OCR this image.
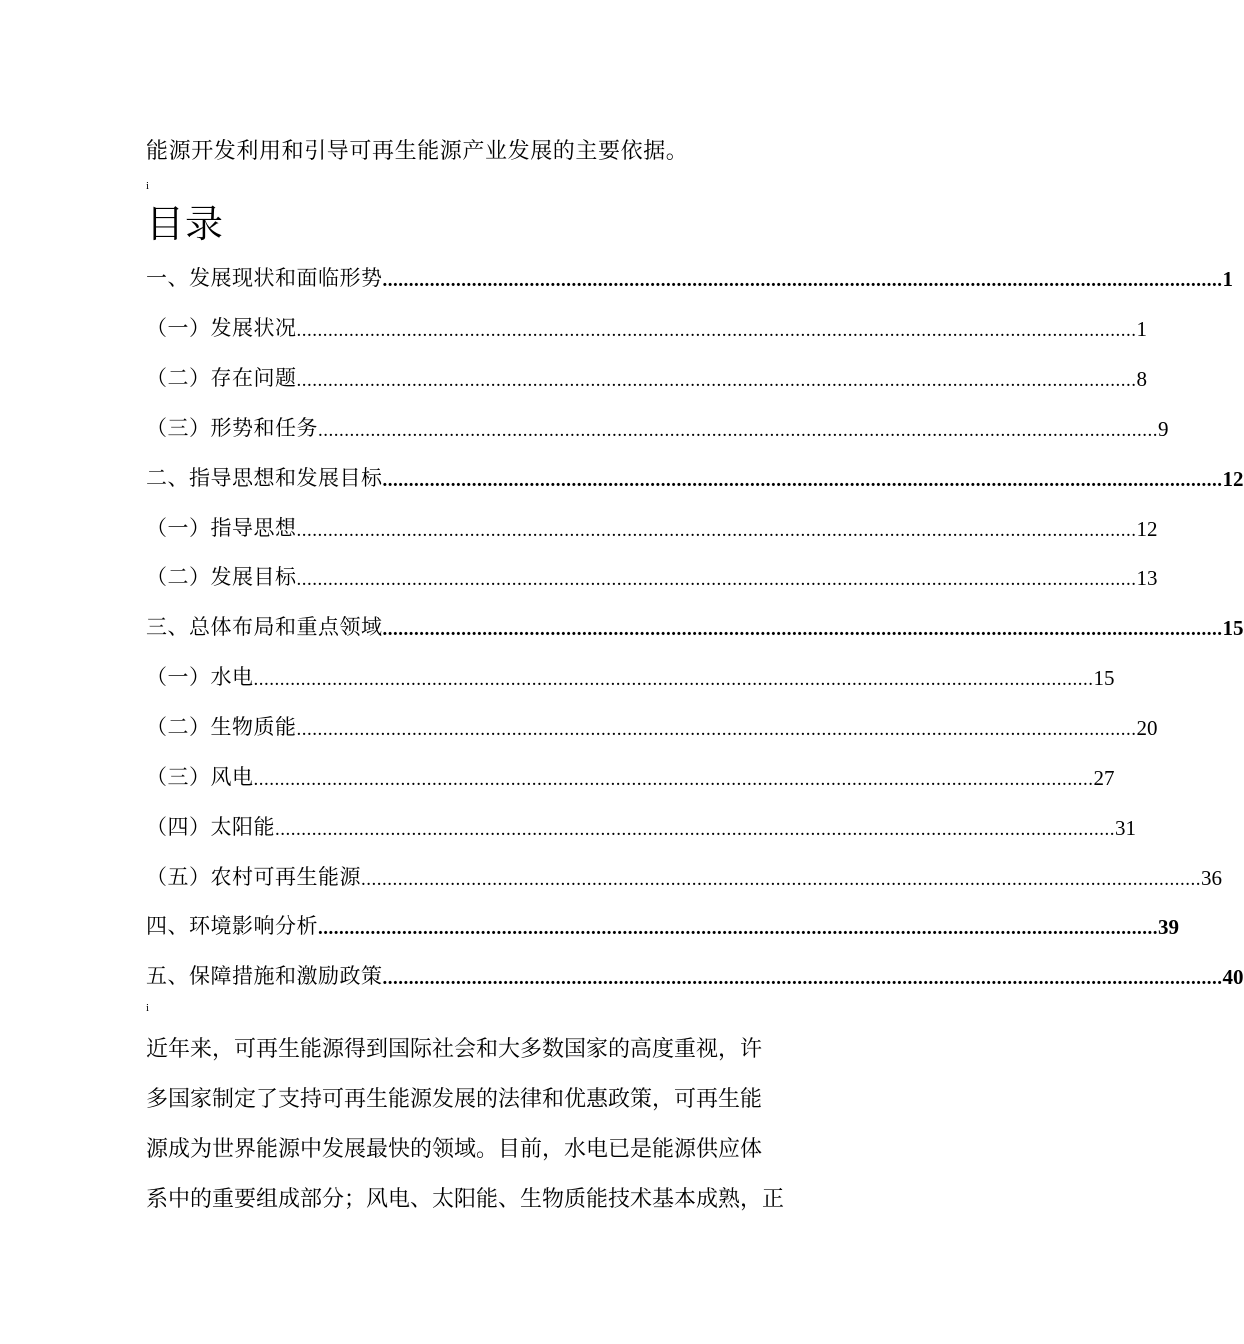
能源开发利用和引导可再生能源产业发展的主要依据。
i
目录
一、发展现状和面临形势 ................................................................................................................................................................ 1
（一）发展状况 ................................................................................................................................................................ 1
（二）存在问题 ................................................................................................................................................................ 8
（三）形势和任务 ................................................................................................................................................................ 9
二、指导思想和发展目标 ................................................................................................................................................................ 12
（一）指导思想 ................................................................................................................................................................ 12
（二）发展目标 ................................................................................................................................................................ 13
三、总体布局和重点领域 ................................................................................................................................................................ 15
（一）水电 ................................................................................................................................................................ 15
（二）生物质能 ................................................................................................................................................................ 20
（三）风电 ................................................................................................................................................................ 27
（四）太阳能 ................................................................................................................................................................ 31
（五）农村可再生能源 ................................................................................................................................................................ 36
四、环境影响分析 ................................................................................................................................................................ 39
五、保障措施和激励政策 ................................................................................................................................................................ 40
i
近年来，可再生能源得到国际社会和大多数国家的高度重视，许
多国家制定了支持可再生能源发展的法律和优惠政策，可再生能
源成为世界能源中发展最快的领域。目前，水电已是能源供应体
系中的重要组成部分；风电、太阳能、生物质能技术基本成熟，正
